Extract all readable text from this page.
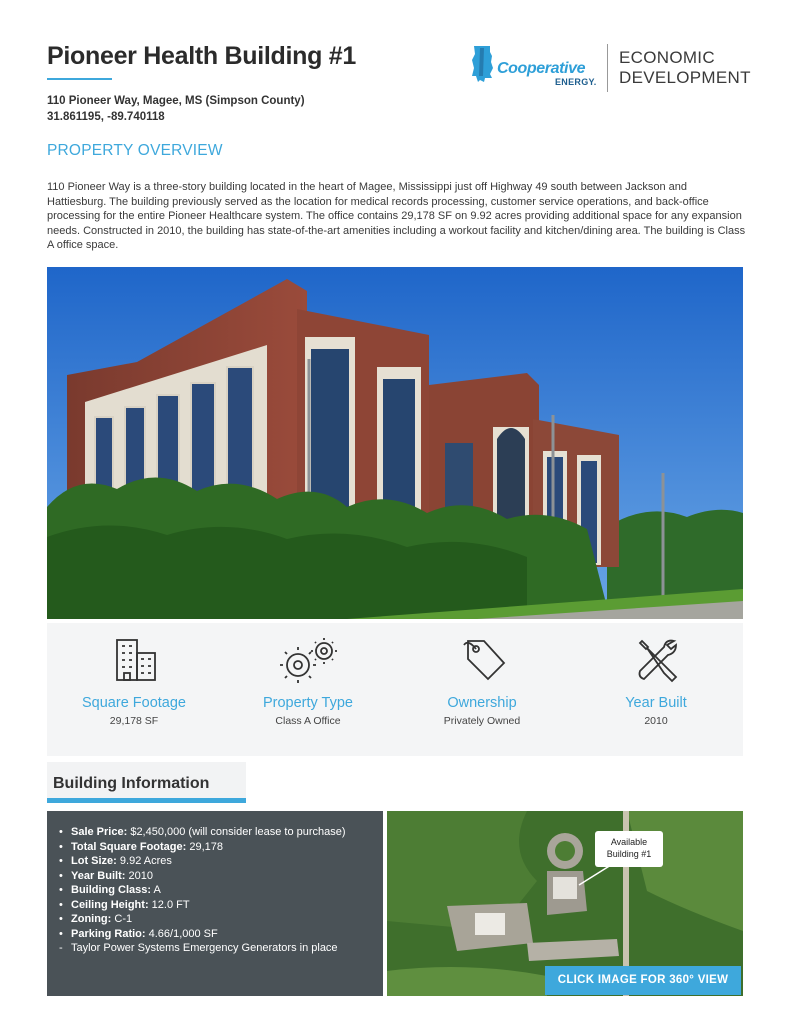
Pioneer Health Building #1
110 Pioneer Way, Magee, MS (Simpson County)
31.861195, -89.740118
Cooperative
ENERGY.
ECONOMIC
DEVELOPMENT
PROPERTY OVERVIEW

110 Pioneer Way is a three-story building located in the heart of Magee, Mississippi just off Highway 49 south between Jackson and Hattiesburg. The building previously served as the location for medical records processing, customer service operations, and back-office processing for the entire Pioneer Healthcare system. The office contains 29,178 SF on 9.92 acres providing additional space for any expansion needs. Constructed in 2010, the building has state-of-the-art amenities including a workout facility and kitchen/dining area. The building is Class A office space.

Square Footage
29,178 SF
Property Type
Class A Office
Ownership
Privately Owned
Year Built
2010
Building Information
• Sale Price: $2,450,000 (will consider lease to purchase)
• Total Square Footage: 29,178
• Lot Size: 9.92 Acres
• Year Built: 2010
• Building Class: A
• Ceiling Height: 12.0 FT
• Zoning: C-1
• Parking Ratio: 4.66/1,000 SF
- Taylor Power Systems Emergency Generators in place
Available
Building #1
CLICK IMAGE FOR 360° VIEW
